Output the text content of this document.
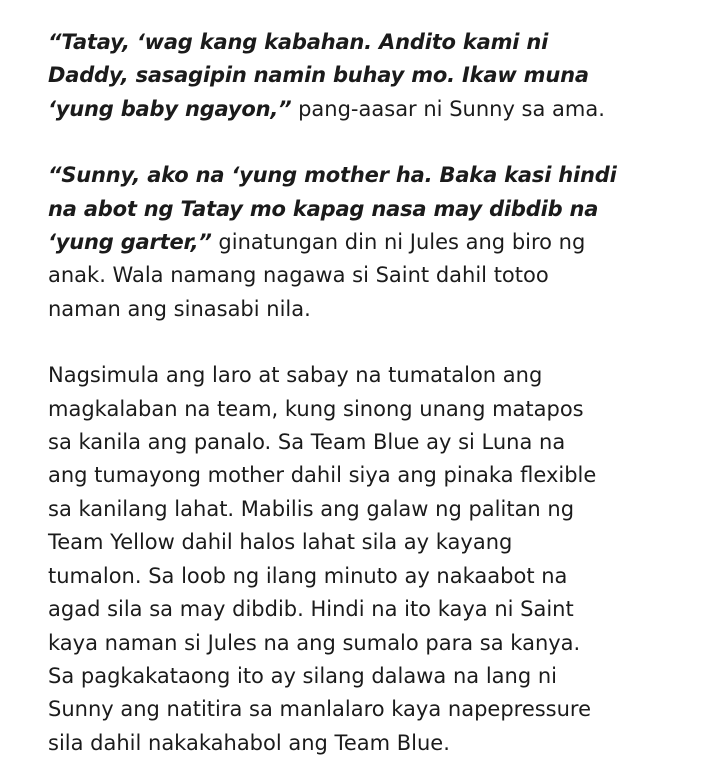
“Tatay, ‘wag kang kabahan. Andito kami ni
Daddy, sasagipin namin buhay mo. Ikaw muna
‘yung baby ngayon,” pang-aasar ni Sunny sa ama.

“Sunny, ako na ‘yung mother ha. Baka kasi hindi
na abot ng Tatay mo kapag nasa may dibdib na
‘yung garter,” ginatungan din ni Jules ang biro ng
anak. Wala namang nagawa si Saint dahil totoo
naman ang sinasabi nila.

Nagsimula ang laro at sabay na tumatalon ang
magkalaban na team, kung sinong unang matapos
sa kanila ang panalo. Sa Team Blue ay si Luna na
ang tumayong mother dahil siya ang pinaka flexible
sa kanilang lahat. Mabilis ang galaw ng palitan ng
Team Yellow dahil halos lahat sila ay kayang
tumalon. Sa loob ng ilang minuto ay nakaabot na
agad sila sa may dibdib. Hindi na ito kaya ni Saint
kaya naman si Jules na ang sumalo para sa kanya.
Sa pagkakataong ito ay silang dalawa na lang ni
Sunny ang natitira sa manlalaro kaya napepressure
sila dahil nakakahabol ang Team Blue.
